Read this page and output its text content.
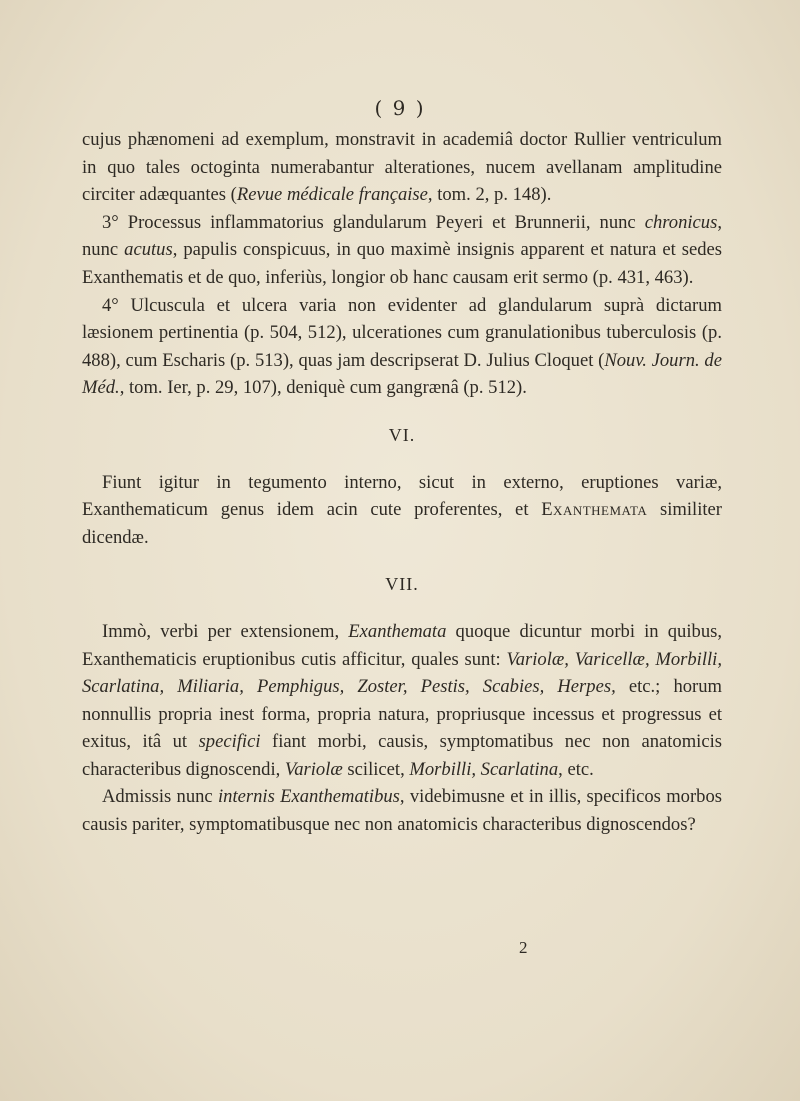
( 9 )

cujus phænomeni ad exemplum, monstravit in academiâ doctor Rullier ventriculum in quo tales octoginta numerabantur alterationes, nucem avellanam amplitudine circiter adæquantes (Revue médicale française, tom. 2, p. 148).

3° Processus inflammatorius glandularum Peyeri et Brunnerii, nunc chronicus, nunc acutus, papulis conspicuus, in quo maximè insignis apparent et natura et sedes Exanthematis et de quo, inferiùs, longior ob hanc causam erit sermo (p. 431, 463).

4° Ulcuscula et ulcera varia non evidenter ad glandularum suprà dictarum læsionem pertinentia (p. 504, 512), ulcerationes cum granulationibus tuberculosis (p. 488), cum Escharis (p. 513), quas jam descripserat D. Julius Cloquet (Nouv. Journ. de Méd., tom. Ier, p. 29, 107), deniquè cum gangrænâ (p. 512).

VI.

Fiunt igitur in tegumento interno, sicut in externo, eruptiones variæ, Exanthematicum genus idem acin cute proferentes, et Exanthemata similiter dicendæ.

VII.

Immò, verbi per extensionem, Exanthemata quoque dicuntur morbi in quibus, Exanthematicis eruptionibus cutis afficitur, quales sunt: Variolæ, Varicellæ, Morbilli, Scarlatina, Miliaria, Pemphigus, Zoster, Pestis, Scabies, Herpes, etc.; horum nonnullis propria inest forma, propria natura, propriusque incessus et progressus et exitus, itâ ut specifici fiant morbi, causis, symptomatibus nec non anatomicis characteribus dignoscendi, Variolæ scilicet, Morbilli, Scarlatina, etc.

Admissis nunc internis Exanthematibus, videbimusne et in illis, specificos morbos causis pariter, symptomatibusque nec non anatomicis characteribus dignoscendos?

2
